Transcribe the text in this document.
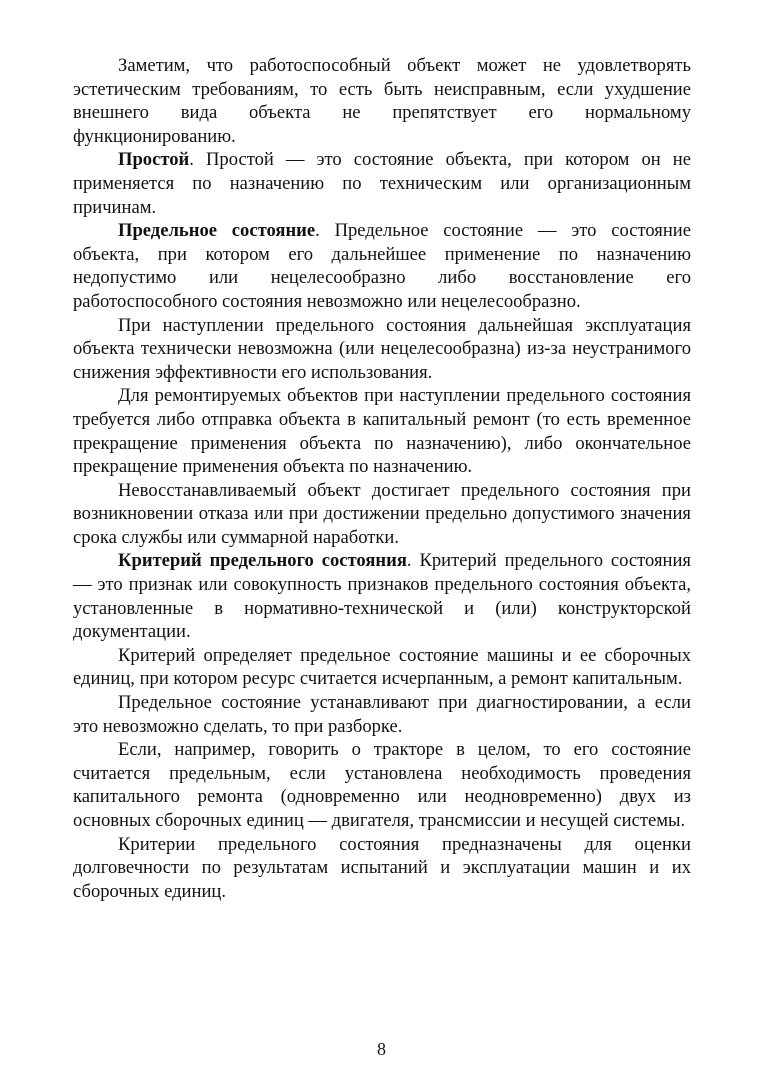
Заметим, что работоспособный объект может не удовлетворять эстетическим требованиям, то есть быть неисправным, если ухудшение внешнего вида объекта не препятствует его нормальному функционированию.

Простой. Простой — это состояние объекта, при котором он не применяется по назначению по техническим или организационным причинам.

Предельное состояние. Предельное состояние — это состояние объекта, при котором его дальнейшее применение по назначению недопустимо или нецелесообразно либо восстановление его работоспособного состояния невозможно или нецелесообразно.

При наступлении предельного состояния дальнейшая эксплуатация объекта технически невозможна (или нецелесообразна) из-за неустранимого снижения эффективности его использования.

Для ремонтируемых объектов при наступлении предельного состояния требуется либо отправка объекта в капитальный ремонт (то есть временное прекращение применения объекта по назначению), либо окончательное прекращение применения объекта по назначению.

Невосстанавливаемый объект достигает предельного состояния при возникновении отказа или при достижении предельно допустимого значения срока службы или суммарной наработки.

Критерий предельного состояния. Критерий предельного состояния — это признак или совокупность признаков предельного состояния объекта, установленные в нормативно-технической и (или) конструкторской документации.

Критерий определяет предельное состояние машины и ее сборочных единиц, при котором ресурс считается исчерпанным, а ремонт капитальным.

Предельное состояние устанавливают при диагностировании, а если это невозможно сделать, то при разборке.

Если, например, говорить о тракторе в целом, то его состояние считается предельным, если установлена необходимость проведения капитального ремонта (одновременно или неодновременно) двух из основных сборочных единиц — двигателя, трансмиссии и несущей системы.

Критерии предельного состояния предназначены для оценки долговечности по результатам испытаний и эксплуатации машин и их сборочных единиц.

8
